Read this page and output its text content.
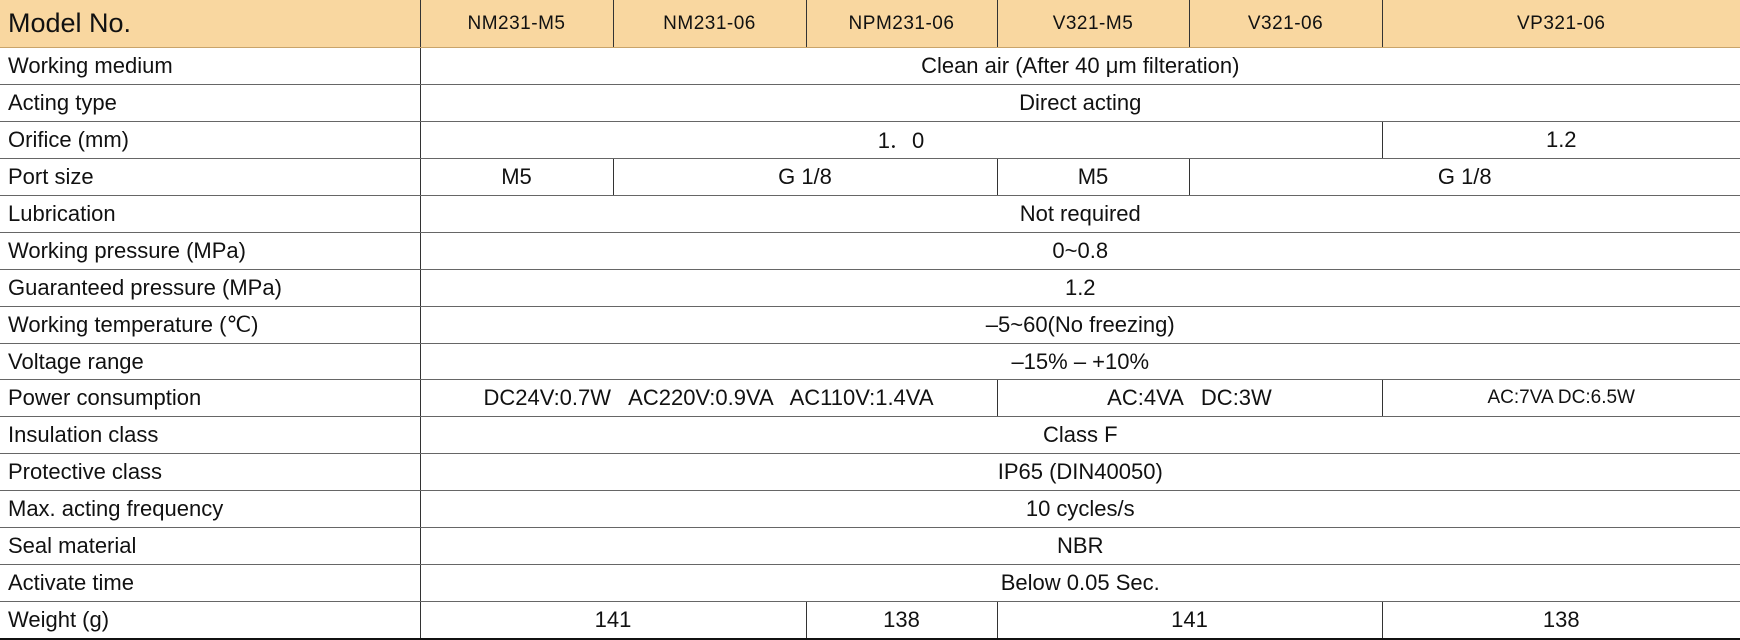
Model No.	NM231-M5	NM231-06	NPM231-06	V321-M5	V321-06	VP321-06
Working medium	Clean air (After 40 μm filteration)					
Acting type	Direct acting					
Orifice (mm)	1．0					1.2
Port size	M5	G 1/8		M5	G 1/8	
Lubrication	Not required					
Working pressure (MPa)	0~0.8					
Guaranteed pressure (MPa)	1.2					
Working temperature (℃)	–5~60(No freezing)					
Voltage range	–15% – +10%					
Power consumption	DC24V:0.7W   AC220V:0.9VA   AC110V:1.4VA			AC:4VA   DC:3W		AC:7VA DC:6.5W
Insulation class	Class F					
Protective class	IP65 (DIN40050)					
Max. acting frequency	10 cycles/s					
Seal material	NBR					
Activate time	Below 0.05 Sec.					
Weight (g)	141		138	141		138
